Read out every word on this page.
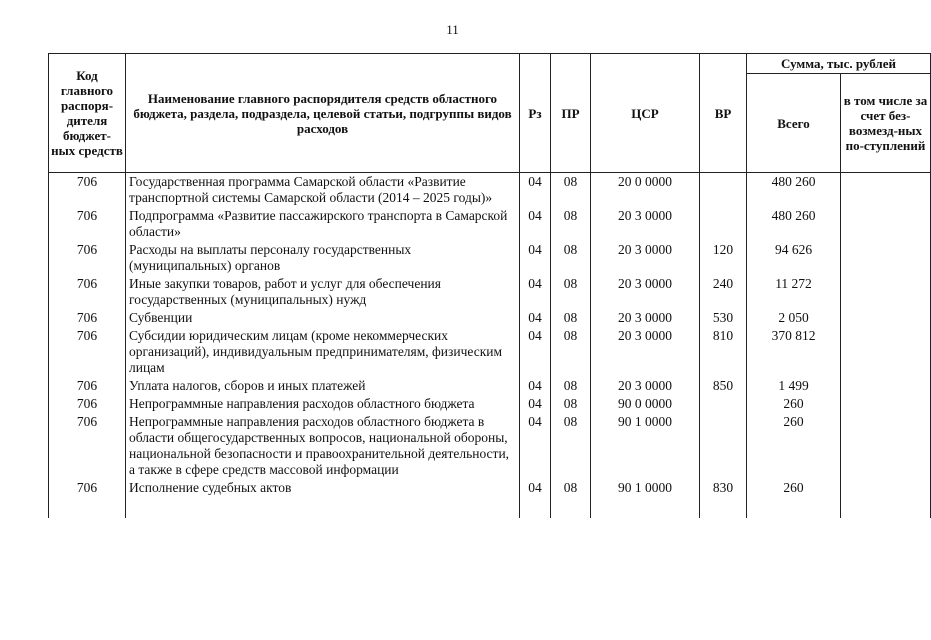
11
Код главного распоря-дителя бюджет-ных средств	Наименование главного распорядителя средств областного бюджета, раздела, подраздела, целевой статьи, подгруппы видов расходов	Рз	ПР	ЦСР	ВР	Сумма, тыс. рублей	
						Всего	в том числе за счет без-возмезд-ных по-ступлений
706	Государственная программа Самарской области «Развитие транспортной системы Самарской области (2014 – 2025 годы)»	04	08	20 0 0000		480 260	
706	Подпрограмма «Развитие пассажирского транспорта в Самарской области»	04	08	20 3 0000		480 260	
706	Расходы на выплаты персоналу государственных (муниципальных) органов	04	08	20 3 0000	120	94 626	
706	Иные закупки товаров, работ и услуг для обеспечения государственных (муниципальных) нужд	04	08	20 3 0000	240	11 272	
706	Субвенции	04	08	20 3 0000	530	2 050	
706	Субсидии юридическим лицам (кроме некоммерческих организаций), индивидуальным предпринимателям, физическим лицам	04	08	20 3 0000	810	370 812	
706	Уплата налогов, сборов и иных платежей	04	08	20 3 0000	850	1 499	
706	Непрограммные направления расходов областного бюджета	04	08	90 0 0000		260	
706	Непрограммные направления расходов областного бюджета в области общегосударственных вопросов, национальной обороны, национальной безопасности и правоохранительной деятельности, а также в сфере средств массовой информации	04	08	90 1 0000		260	
706	Исполнение судебных актов	04	08	90 1 0000	830	260	
